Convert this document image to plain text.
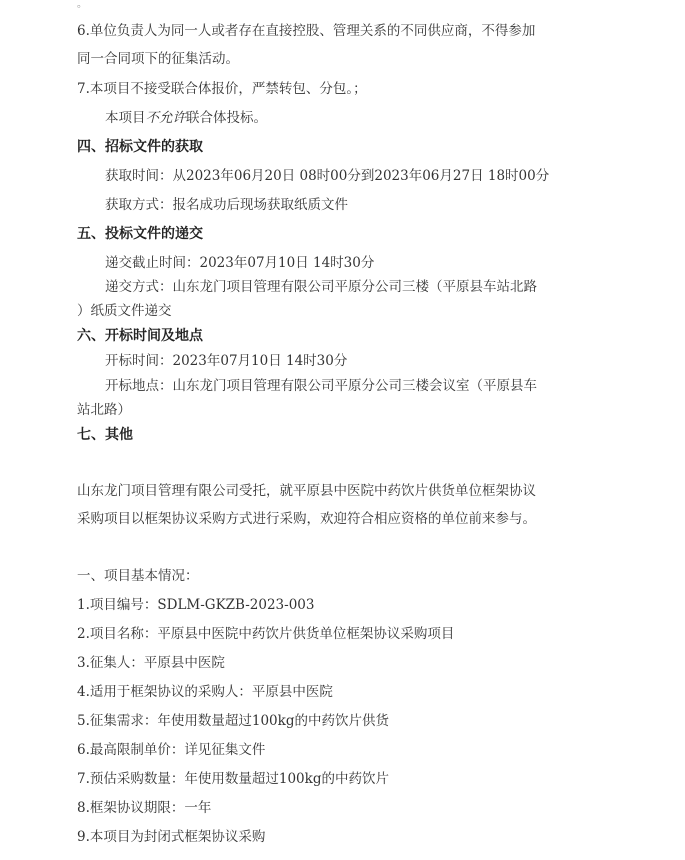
。
6.单位负责人为同一人或者存在直接控股、管理关系的不同供应商，不得参加
同一合同项下的征集活动。
7.本项目不接受联合体报价，严禁转包、分包。；
本项目不允许联合体投标。
四、招标文件的获取
获取时间：从2023年06月20日 08时00分到2023年06月27日 18时00分
获取方式：报名成功后现场获取纸质文件
五、投标文件的递交
递交截止时间：2023年07月10日 14时30分
递交方式：山东龙门项目管理有限公司平原分公司三楼（平原县车站北路
）纸质文件递交
六、开标时间及地点
开标时间：2023年07月10日 14时30分
开标地点：山东龙门项目管理有限公司平原分公司三楼会议室（平原县车
站北路）
七、其他
山东龙门项目管理有限公司受托，就平原县中医院中药饮片供货单位框架协议
采购项目以框架协议采购方式进行采购，欢迎符合相应资格的单位前来参与。
一、项目基本情况：
1.项目编号：SDLM-GKZB-2023-003
2.项目名称：平原县中医院中药饮片供货单位框架协议采购项目
3.征集人：平原县中医院
4.适用于框架协议的采购人：平原县中医院
5.征集需求：年使用数量超过100kg的中药饮片供货
6.最高限制单价：详见征集文件
7.预估采购数量：年使用数量超过100kg的中药饮片
8.框架协议期限：一年
9.本项目为封闭式框架协议采购
